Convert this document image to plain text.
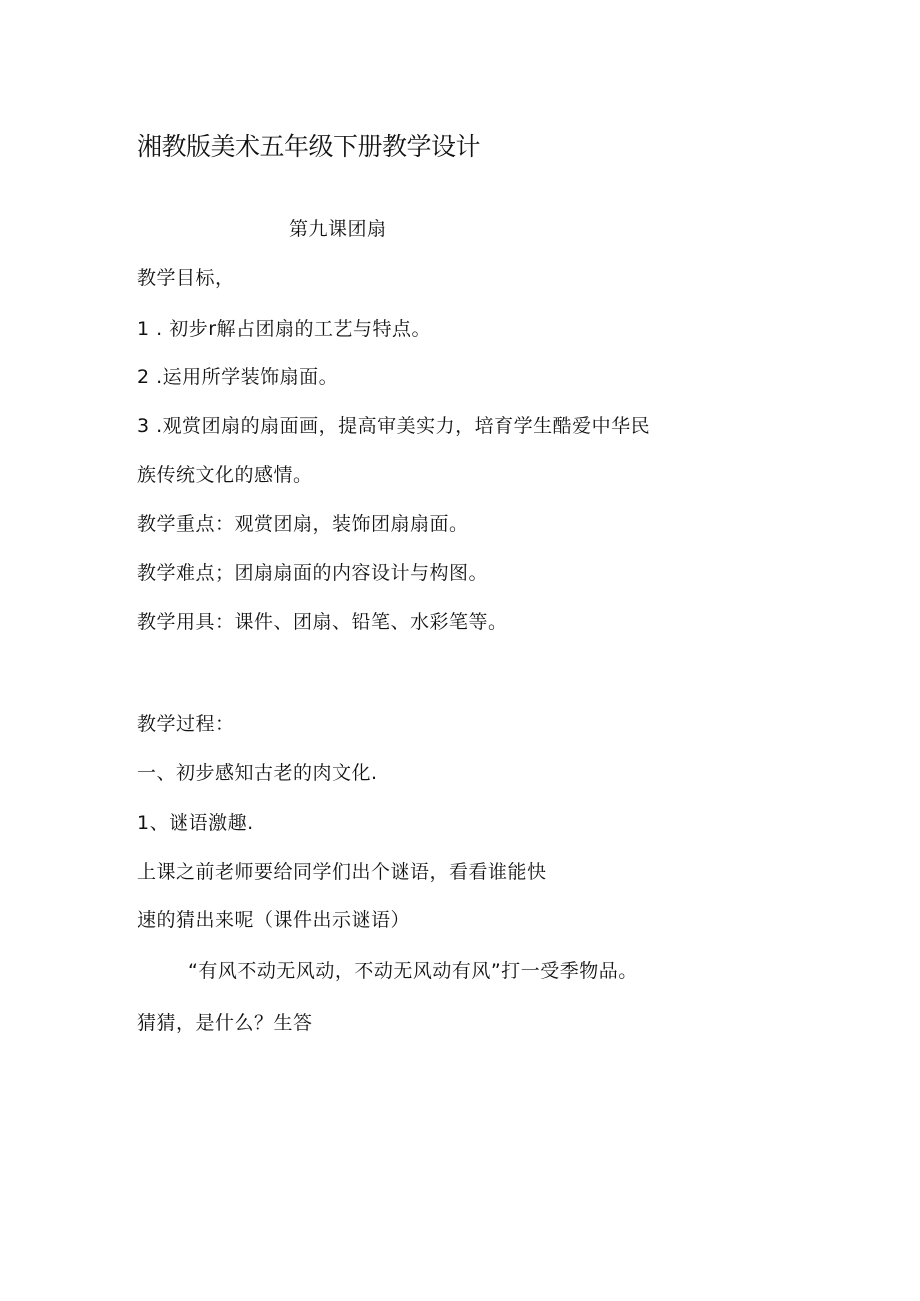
湘教版美术五年级下册教学设计
第九课团扇
教学目标，
1 . 初步r解占团扇的工艺与特点。
2 .运用所学装饰扇面。
3 .观赏团扇的扇面画，提高审美实力，培育学生酷爱中华民
族传统文化的感情。
教学重点：观赏团扇，装饰团扇扇面。
教学难点；团扇扇面的内容设计与构图。
教学用具：课件、团扇、铅笔、水彩笔等。
教学过程：
一、初步感知古老的肉文化.
1、谜语激趣.
上课之前老师要给同学们出个谜语，看看谁能快
速的猜出来呢（课件出示谜语）
“有风不动无风动，不动无风动有风”打一受季物品。
猜猜，是什么？生答
